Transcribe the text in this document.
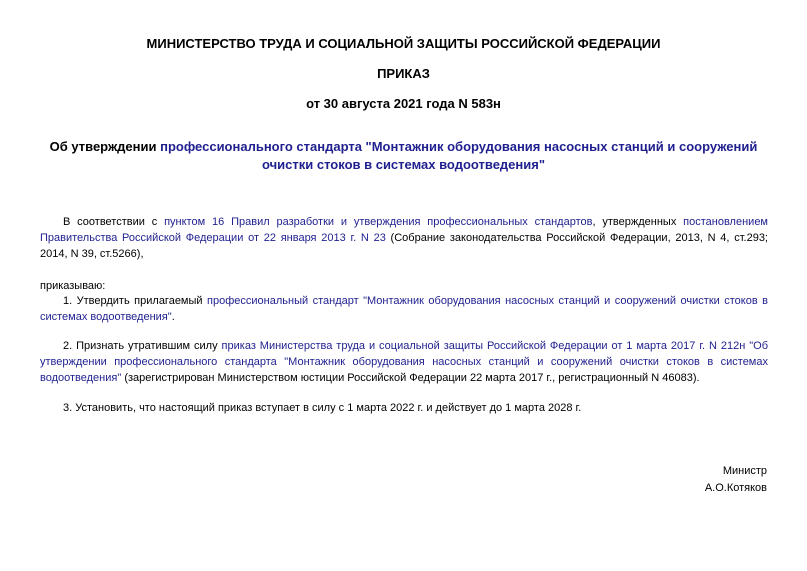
МИНИСТЕРСТВО ТРУДА И СОЦИАЛЬНОЙ ЗАЩИТЫ РОССИЙСКОЙ ФЕДЕРАЦИИ
ПРИКАЗ
от 30 августа 2021 года N 583н
Об утверждении профессионального стандарта "Монтажник оборудования насосных станций и сооружений очистки стоков в системах водоотведения"
В соответствии с пунктом 16 Правил разработки и утверждения профессиональных стандартов, утвержденных постановлением Правительства Российской Федерации от 22 января 2013 г. N 23 (Собрание законодательства Российской Федерации, 2013, N 4, ст.293; 2014, N 39, ст.5266),
приказываю:
1. Утвердить прилагаемый профессиональный стандарт "Монтажник оборудования насосных станций и сооружений очистки стоков в системах водоотведения".
2. Признать утратившим силу приказ Министерства труда и социальной защиты Российской Федерации от 1 марта 2017 г. N 212н "Об утверждении профессионального стандарта "Монтажник оборудования насосных станций и сооружений очистки стоков в системах водоотведения" (зарегистрирован Министерством юстиции Российской Федерации 22 марта 2017 г., регистрационный N 46083).
3. Установить, что настоящий приказ вступает в силу с 1 марта 2022 г. и действует до 1 марта 2028 г.
Министр
А.О.Котяков
